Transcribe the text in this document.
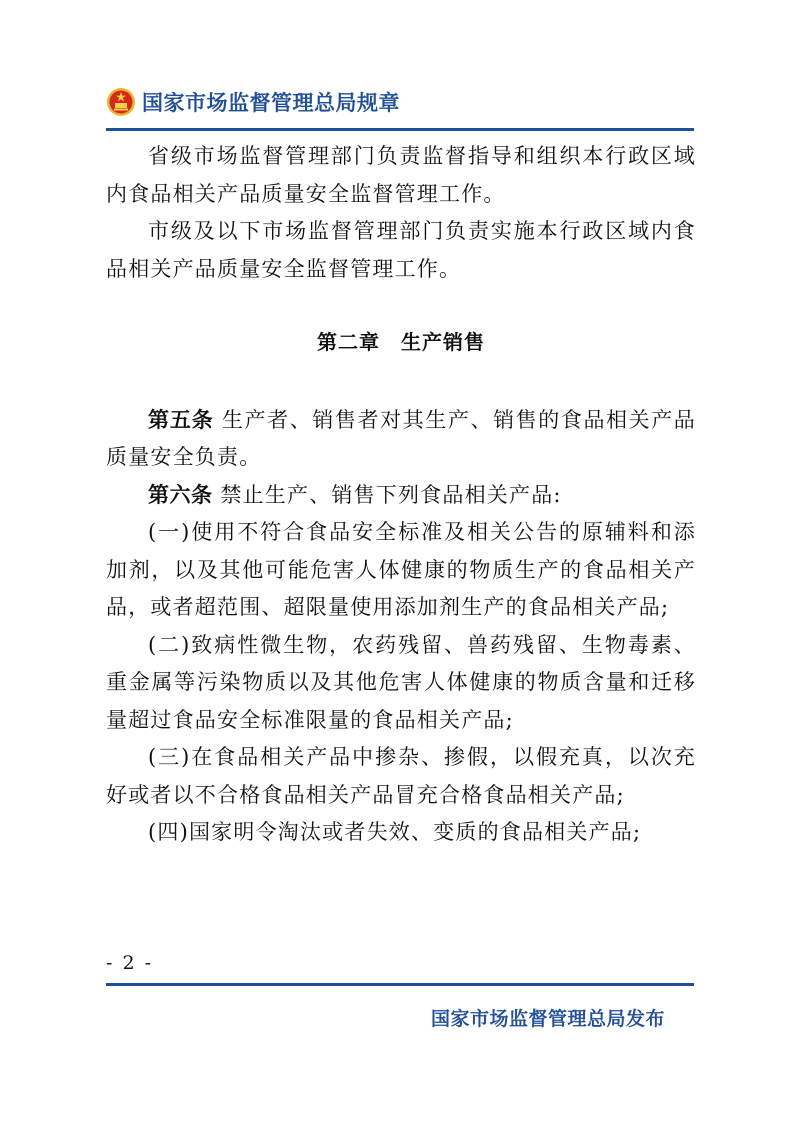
国家市场监督管理总局规章

省级市场监督管理部门负责监督指导和组织本行政区域内食品相关产品质量安全监督管理工作。

市级及以下市场监督管理部门负责实施本行政区域内食品相关产品质量安全监督管理工作。

第二章　生产销售

第五条 生产者、销售者对其生产、销售的食品相关产品质量安全负责。

第六条 禁止生产、销售下列食品相关产品:

(一)使用不符合食品安全标准及相关公告的原辅料和添加剂，以及其他可能危害人体健康的物质生产的食品相关产品，或者超范围、超限量使用添加剂生产的食品相关产品;

(二)致病性微生物，农药残留、兽药残留、生物毒素、重金属等污染物质以及其他危害人体健康的物质含量和迁移量超过食品安全标准限量的食品相关产品;

(三)在食品相关产品中掺杂、掺假，以假充真，以次充好或者以不合格食品相关产品冒充合格食品相关产品;

(四)国家明令淘汰或者失效、变质的食品相关产品;

- 2 -
国家市场监督管理总局发布
